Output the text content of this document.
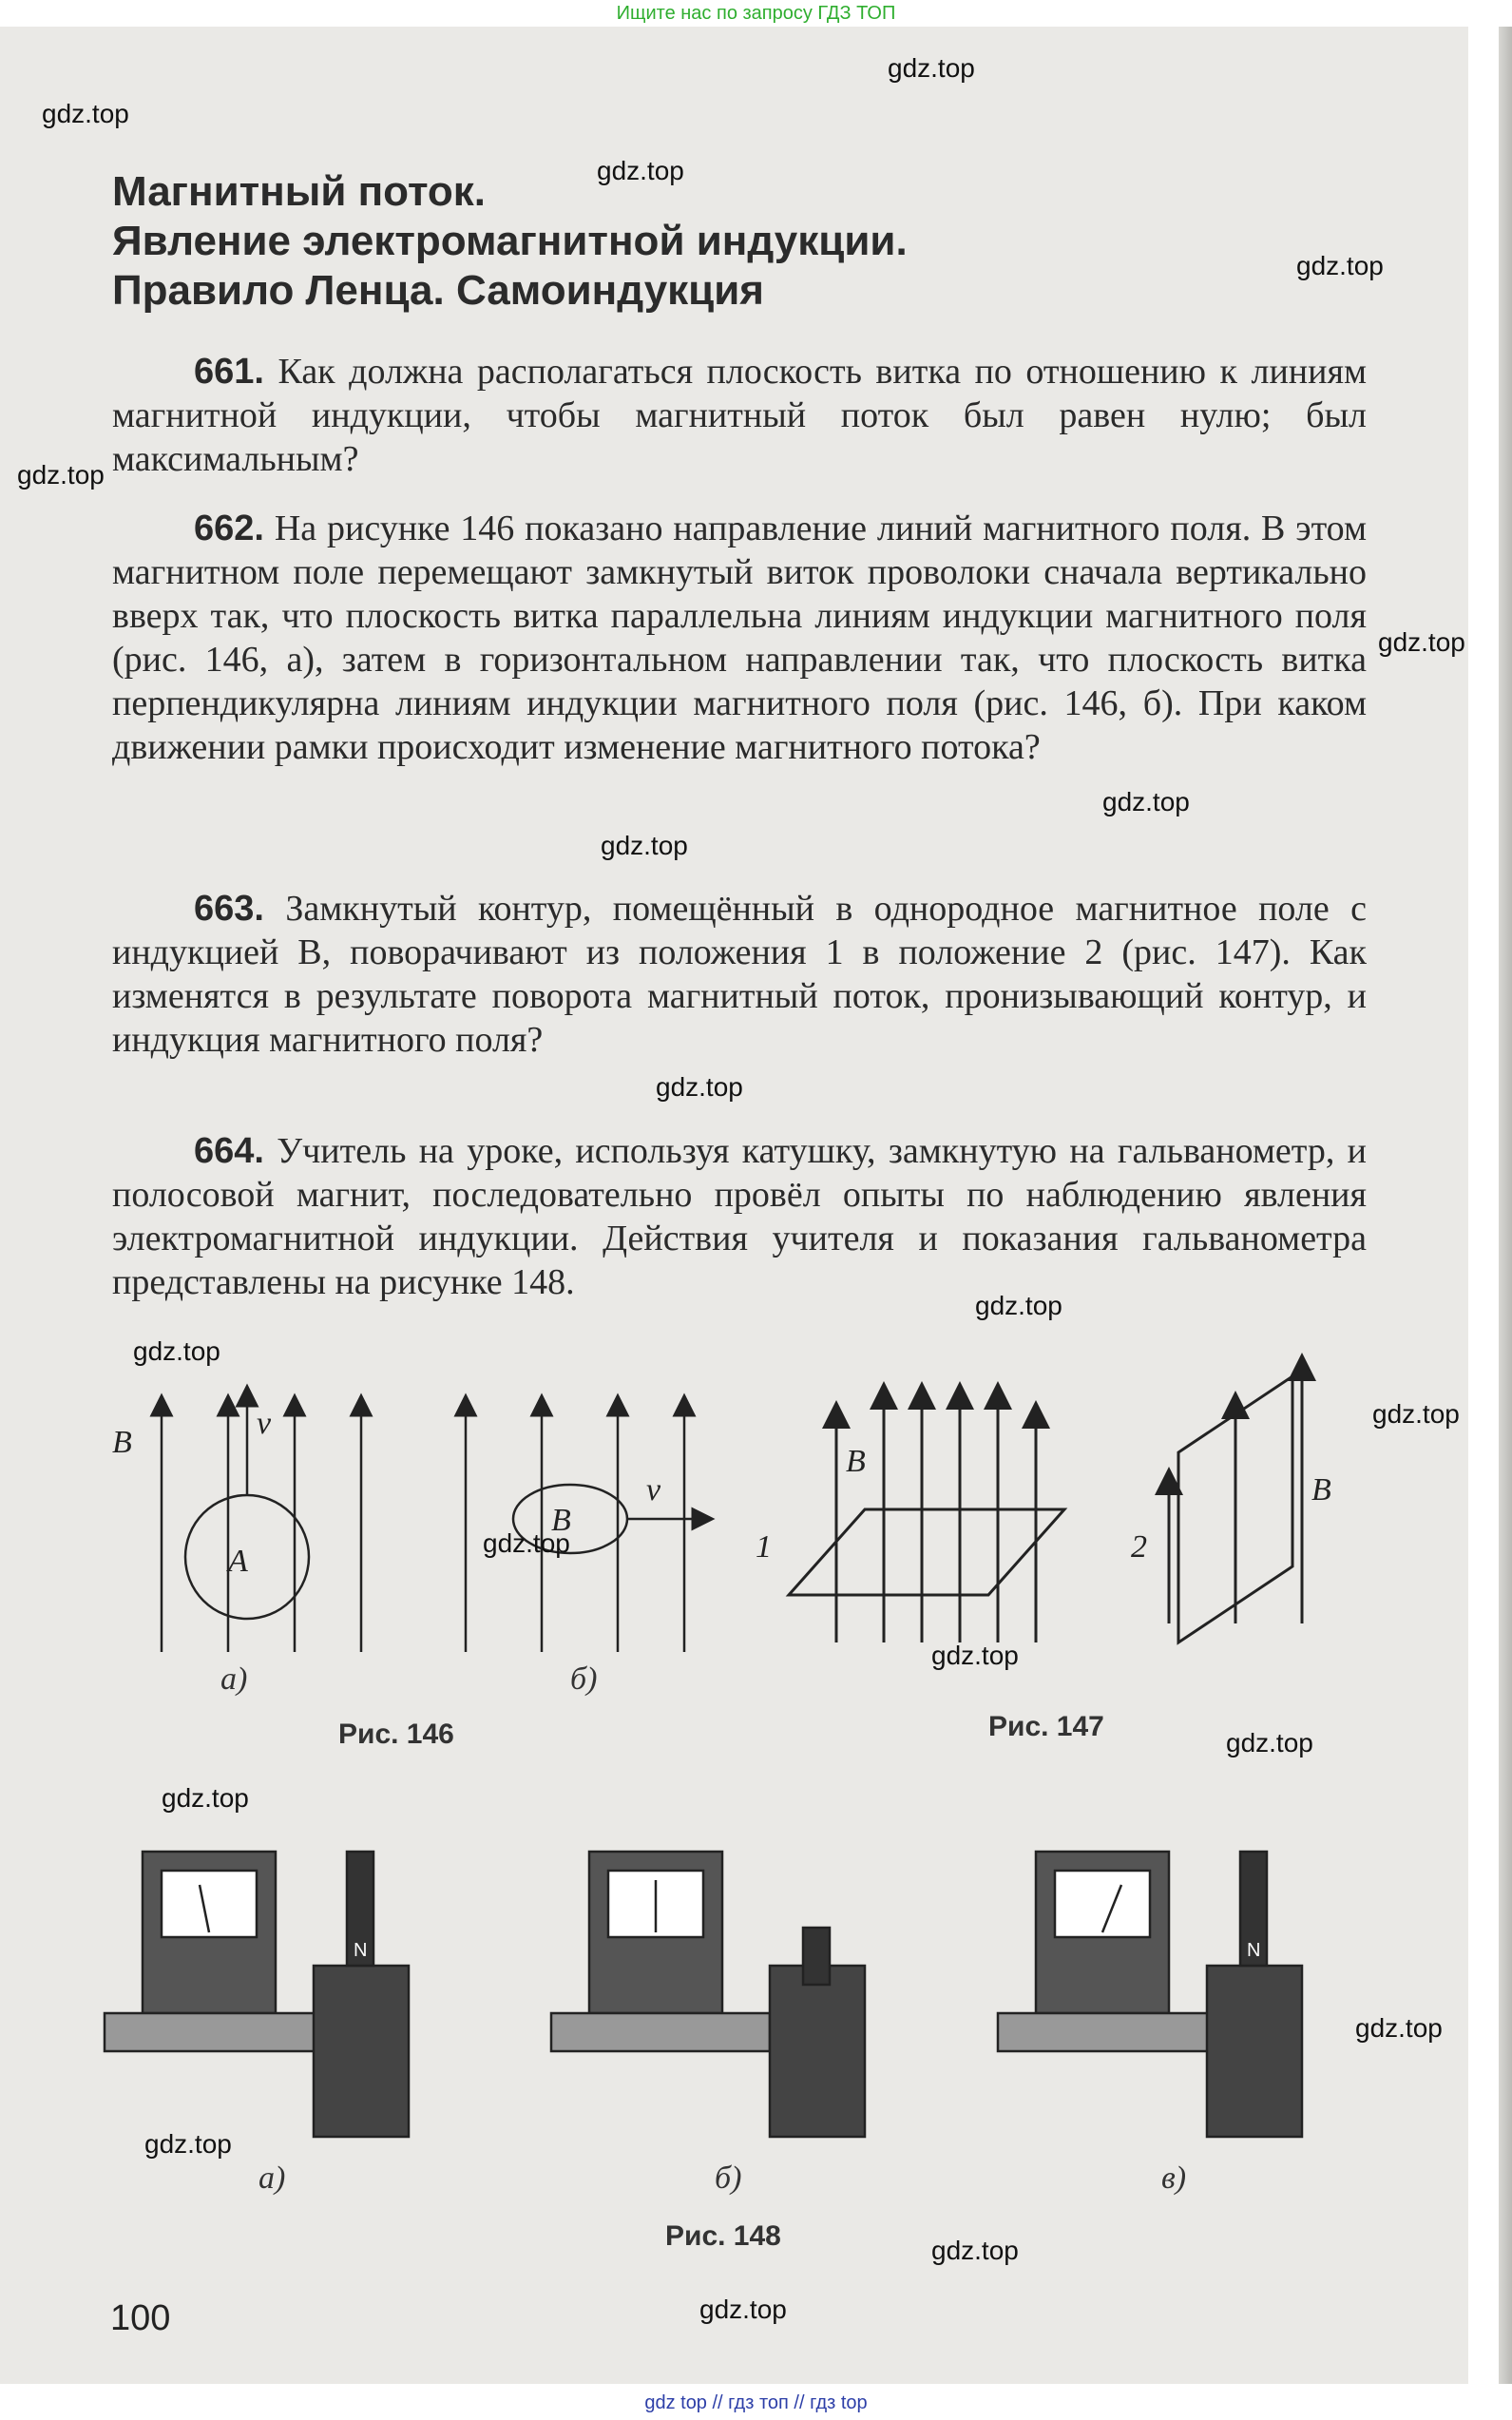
Ищите нас по запросу ГДЗ ТОП
Магнитный поток.
Явление электромагнитной индукции.
Правило Ленца. Самоиндукция
661. Как должна располагаться плоскость витка по отношению к линиям магнитной индукции, чтобы магнитный поток был равен нулю; был максимальным?
662. На рисунке 146 показано направление линий магнитного поля. В этом магнитном поле перемещают замкнутый виток проволоки сначала вертикально вверх так, что плоскость витка параллельна линиям индукции магнитного поля (рис. 146, а), затем в горизонтальном направлении так, что плоскость витка перпендикулярна линиям индукции магнитного поля (рис. 146, б). При каком движении рамки происходит изменение магнитного потока?
663. Замкнутый контур, помещённый в однородное магнитное поле с индукцией B, поворачивают из положения 1 в положение 2 (рис. 147). Как изменятся в результате поворота магнитный поток, пронизывающий контур, и индукция магнитного поля?
664. Учитель на уроке, используя катушку, замкнутую на гальванометр, и полосовой магнит, последовательно провёл опыты по наблюдению явления электромагнитной индукции. Действия учителя и показания гальванометра представлены на рисунке 148.
B
v
A
B
v
а)	б)
Рис. 146
B
1	2
B
Рис. 147
N	N
а)	б)	в)
Рис. 148
100
gdz.top
gdz.top
gdz.top
gdz.top
gdz.top
gdz.top
gdz.top
gdz.top
gdz.top
gdz.top
gdz.top
gdz.top
gdz.top
gdz.top
gdz.top
gdz.top
gdz.top
gdz.top
gdz.top
gdz.top
gdz top // гдз топ // гдз top
